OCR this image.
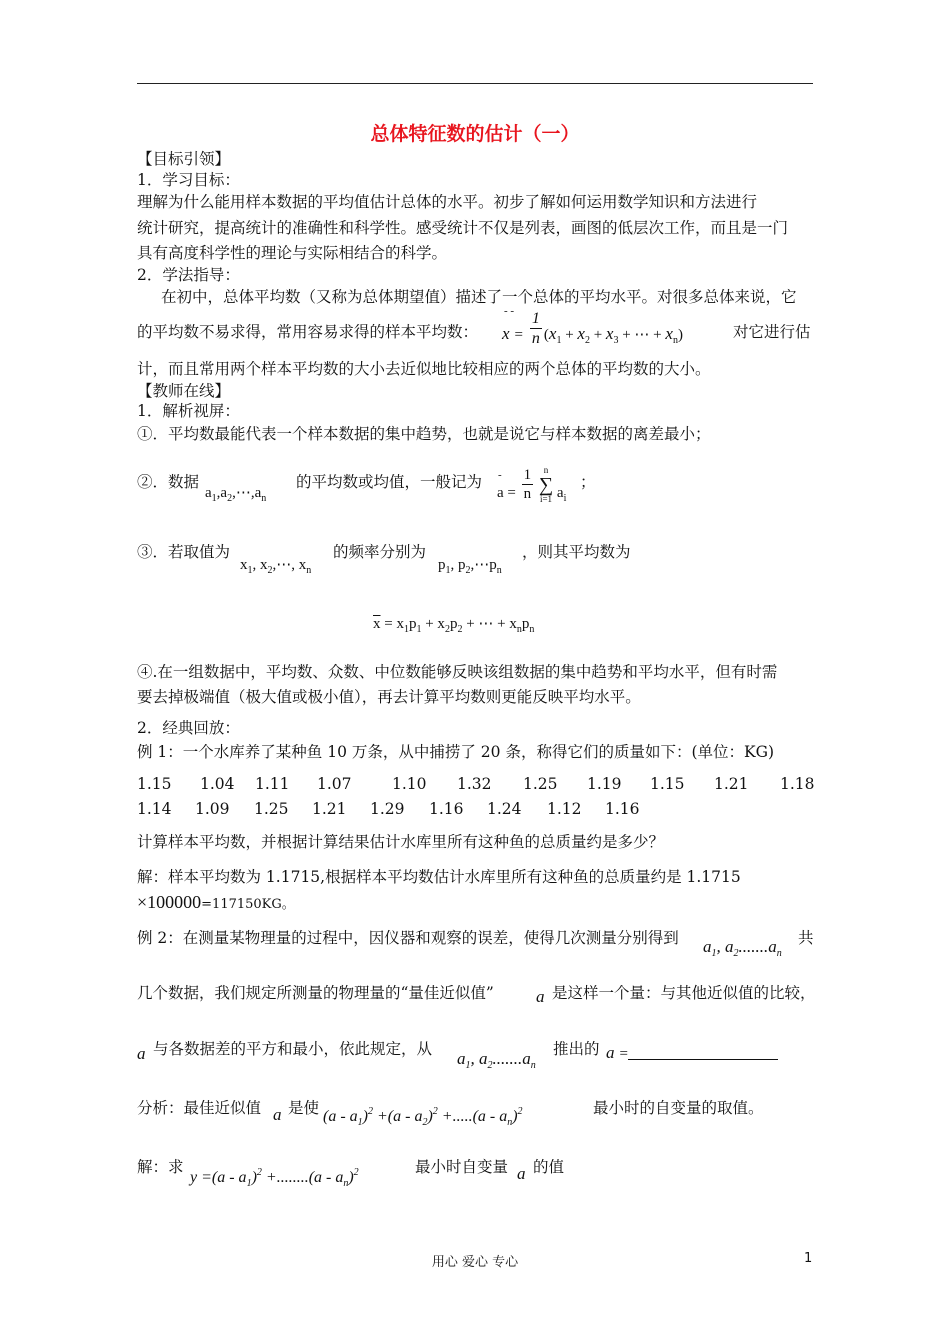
总体特征数的估计（一）
【目标引领】
1．学习目标：
理解为什么能用样本数据的平均值估计总体的水平。初步了解如何运用数学知识和方法进行
统计研究，提高统计的准确性和科学性。感受统计不仅是列表，画图的低层次工作，而且是一门
具有高度科学性的理论与实际相结合的科学。
2．学法指导：
在初中，总体平均数（又称为总体期望值）描述了一个总体的平均水平。对很多总体来说，它
的平均数不易求得，常用容易求得的样本平均数： x
- -
= $\frac{1}{n} (x_1 + x_2 + x_3$ + ⋯ + $x_n$)	对它进行估
计，而且常用两个样本平均数的大小去近似地比较相应的两个总体的平均数的大小。
【教师在线】
1．解析视屏：
①．平均数最能代表一个样本数据的集中趋势，也就是说它与样本数据的离差最小；
②．数据
$a_1,a_2,\cdots,a_n$
的平均数或均值，一般记为
a
-
= $\frac{1}{n}$
	n
∑
i=1 $a_i$
；
③．若取值为
$x_1$, $x_2,\cdots$, $x_n$
的频率分别为
$p_1$, $p_2,\cdots p_n$
，则其平均数为
$\overline{x} = x_1p_1 + x_2p_2$ + ⋯ + $x_np_n$
④.在一组数据中，平均数、众数、中位数能够反映该组数据的集中趋势和平均水平，但有时需
要去掉极端值（极大值或极小值），再去计算平均数则更能反映平均水平。
2．经典回放：
例 1：一个水库养了某种鱼 10 万条，从中捕捞了 20 条，称得它们的质量如下：(单位：KG)
1.15 1.04 1.11 1.07	1.10 1.32 1.25 1.19 1.15 1.21 1.18
1.14 1.09 1.25 1.21 1.29 1.16 1.24 1.12 1.16
计算样本平均数，并根据计算结果估计水库里所有这种鱼的总质量约是多少？
解：样本平均数为 1.1715,根据样本平均数估计水库里所有这种鱼的总质量约是 1.1715
×100000=117150KG。
例 2：在测量某物理量的过程中，因仪器和观察的误差，使得几次测量分别得到 $a_1$, $a_2.......a_n$
共
几个数据，我们规定所测量的物理量的“量佳近似值” a 是这样一个量：与其他近似值的比较，
a 与各数据差的平方和最小，依此规定，从 $a_1$, $a_2.......a_n$
推出的 a =
分析：最佳近似值 a 是使 $(a - a_1)^2 +(a - a_2)^2 +.....(a - a_n)^2$	最小时的自变量的取值。
解：求
$y =(a - a_1)^2 +........(a - a_n)^2$	最小时自变量 a 的值
用心 爱心 专心	1
